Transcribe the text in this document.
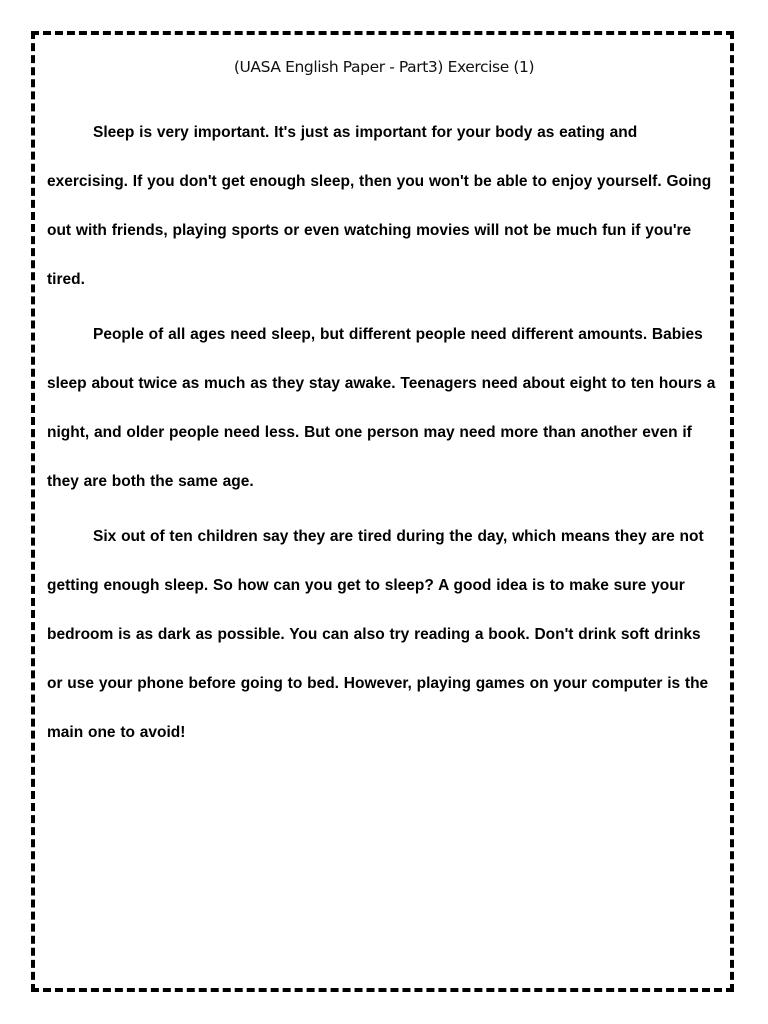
(UASA English Paper - Part3) Exercise (1)

Sleep is very important. It's just as important for your body as eating and exercising. If you don't get enough sleep, then you won't be able to enjoy yourself. Going out with friends, playing sports or even watching movies will not be much fun if you're tired.

People of all ages need sleep, but different people need different amounts. Babies sleep about twice as much as they stay awake. Teenagers need about eight to ten hours a night, and older people need less. But one person may need more than another even if they are both the same age.

Six out of ten children say they are tired during the day, which means they are not getting enough sleep. So how can you get to sleep? A good idea is to make sure your bedroom is as dark as possible. You can also try reading a book. Don't drink soft drinks or use your phone before going to bed. However, playing games on your computer is the main one to avoid!
